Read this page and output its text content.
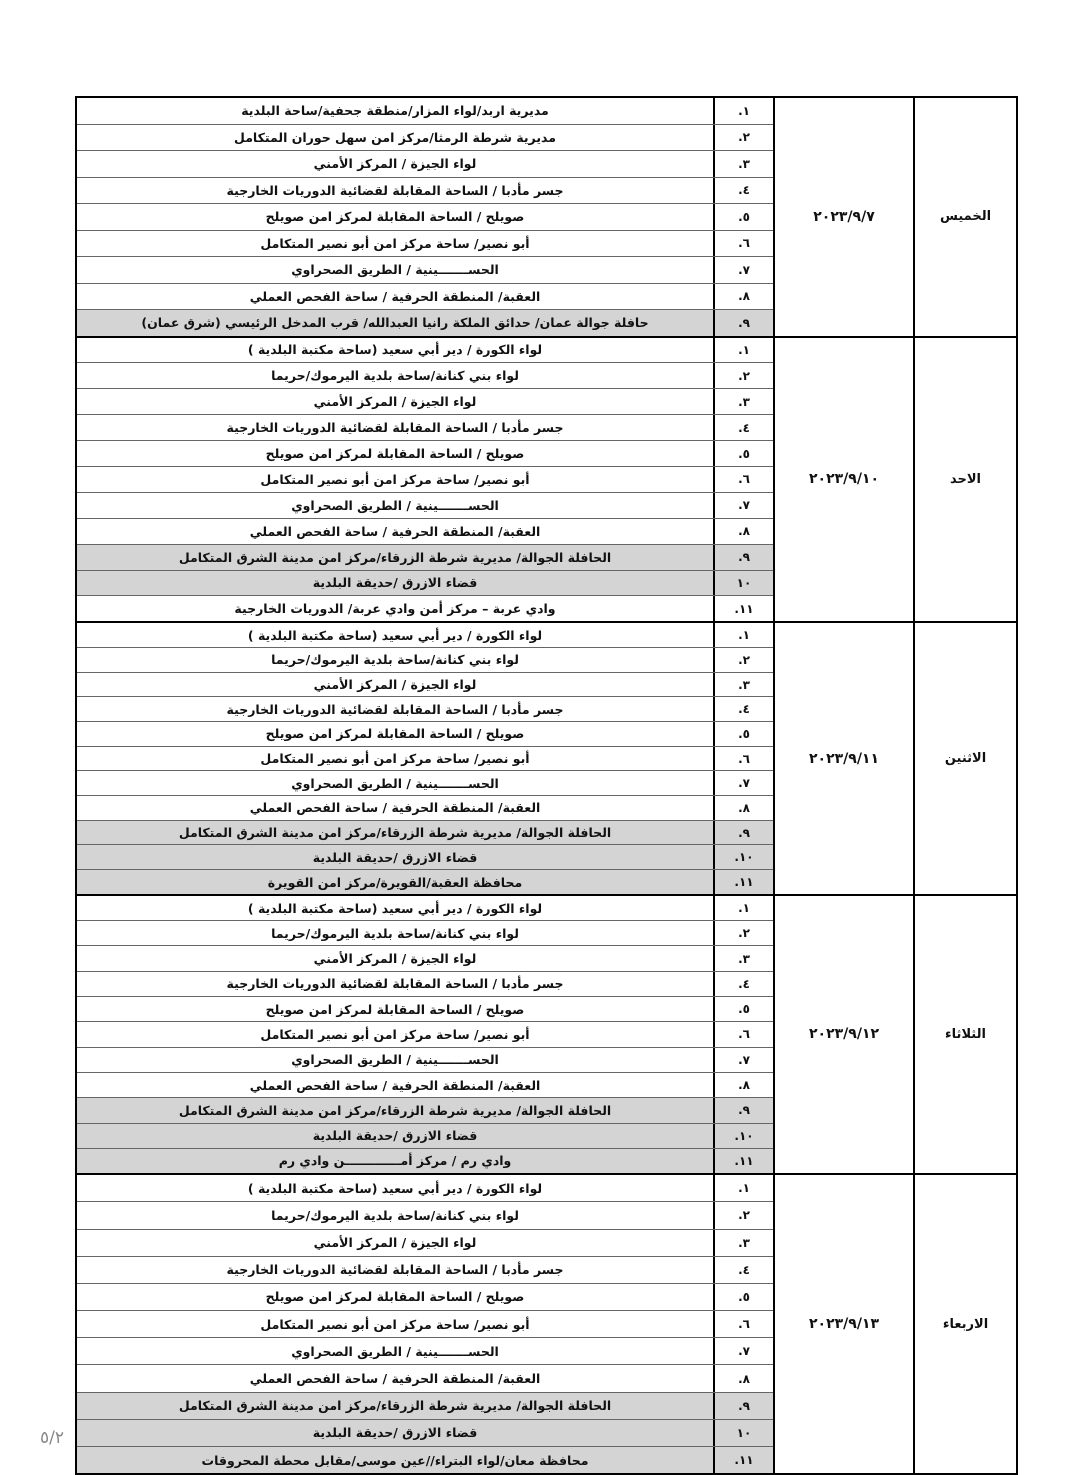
الخميس
٢٠٢٣/٩/٧
١.
مديرية اربد/لواء المزار/منطقة جحفية/ساحة البلدية
٢.
مديرية شرطة الرمثا/مركز امن سهل حوران المتكامل
٣.
لواء الجيزة / المركز الأمني
٤.
جسر مأدبا / الساحة المقابلة لقضائية الدوريات الخارجية
٥.
صويلح / الساحة المقابلة لمركز امن صويلح
٦.
أبو نصير/ ساحة مركز امن أبو نصير المتكامل
٧.
الحســـــــينية / الطريق الصحراوي
٨.
العقبة/ المنطقة الحرفية / ساحة الفحص العملي
٩.
حافلة جوالة عمان/ حدائق الملكة رانيا العبدالله/ قرب المدخل الرئيسي (شرق عمان)
الاحد
٢٠٢٣/٩/١٠
١.
لواء الكورة / دير أبي سعيد (ساحة مكتبة البلدية )
٢.
لواء بني كنانة/ساحة بلدية اليرموك/حريما
٣.
لواء الجيزة / المركز الأمني
٤.
جسر مأدبا / الساحة المقابلة لقضائية الدوريات الخارجية
٥.
صويلح / الساحة المقابلة لمركز امن صويلح
٦.
أبو نصير/ ساحة مركز امن أبو نصير المتكامل
٧.
الحســـــــينية / الطريق الصحراوي
٨.
العقبة/ المنطقة الحرفية / ساحة الفحص العملي
٩.
الحافلة الجوالة/ مديرية شرطة الزرقاء/مركز امن مدينة الشرق المتكامل
١٠
قضاء الازرق /حديقة البلدية
١١.
وادي عربة – مركز أمن وادي عربة/ الدوريات الخارجية
الاثنين
٢٠٢٣/٩/١١
١.
لواء الكورة / دير أبي سعيد (ساحة مكتبة البلدية )
٢.
لواء بني كنانة/ساحة بلدية اليرموك/حريما
٣.
لواء الجيزة / المركز الأمني
٤.
جسر مأدبا / الساحة المقابلة لقضائية الدوريات الخارجية
٥.
صويلح / الساحة المقابلة لمركز امن صويلح
٦.
أبو نصير/ ساحة مركز امن أبو نصير المتكامل
٧.
الحســـــــينية / الطريق الصحراوي
٨.
العقبة/ المنطقة الحرفية / ساحة الفحص العملي
٩.
الحافلة الجوالة/ مديرية شرطة الزرقاء/مركز امن مدينة الشرق المتكامل
١٠.
قضاء الازرق /حديقة البلدية
١١.
محافظة العقبة/القويرة/مركز امن القويرة
الثلاثاء
٢٠٢٣/٩/١٢
١.
لواء الكورة / دير أبي سعيد (ساحة مكتبة البلدية )
٢.
لواء بني كنانة/ساحة بلدية اليرموك/حريما
٣.
لواء الجيزة / المركز الأمني
٤.
جسر مأدبا / الساحة المقابلة لقضائية الدوريات الخارجية
٥.
صويلح / الساحة المقابلة لمركز امن صويلح
٦.
أبو نصير/ ساحة مركز امن أبو نصير المتكامل
٧.
الحســـــــينية / الطريق الصحراوي
٨.
العقبة/ المنطقة الحرفية / ساحة الفحص العملي
٩.
الحافلة الجوالة/ مديرية شرطة الزرقاء/مركز امن مدينة الشرق المتكامل
١٠.
قضاء الازرق /حديقة البلدية
١١.
وادي رم / مركز أمـــــــــــــن وادي رم
الاربعاء
٢٠٢٣/٩/١٣
١.
لواء الكورة / دير أبي سعيد (ساحة مكتبة البلدية )
٢.
لواء بني كنانة/ساحة بلدية اليرموك/حريما
٣.
لواء الجيزة / المركز الأمني
٤.
جسر مأدبا / الساحة المقابلة لقضائية الدوريات الخارجية
٥.
صويلح / الساحة المقابلة لمركز امن صويلح
٦.
أبو نصير/ ساحة مركز امن أبو نصير المتكامل
٧.
الحســـــــينية / الطريق الصحراوي
٨.
العقبة/ المنطقة الحرفية / ساحة الفحص العملي
٩.
الحافلة الجوالة/ مديرية شرطة الزرقاء/مركز امن مدينة الشرق المتكامل
١٠
قضاء الازرق /حديقة البلدية
١١.
محافظة معان/لواء البتراء//عين موسى/مقابل محطة المحروقات
٥/٢
